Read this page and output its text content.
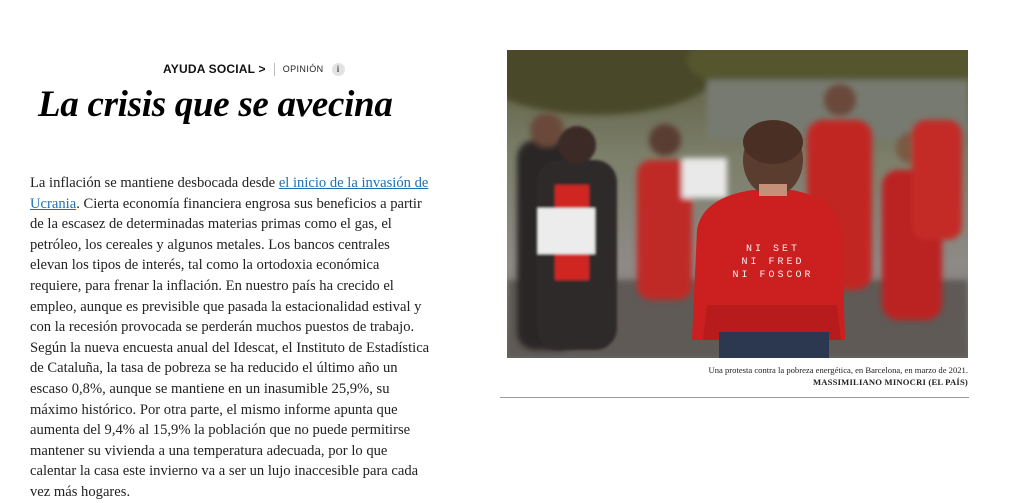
AYUDA SOCIAL > OPINIÓN	i
La crisis que se avecina

La inflación se mantiene desbocada desde el inicio de la invasión de Ucrania. Cierta economía financiera engrosa sus beneficios a partir de la escasez de determinadas materias primas como el gas, el petróleo, los cereales y algunos metales. Los bancos centrales elevan los tipos de interés, tal como la ortodoxia económica requiere, para frenar la inflación. En nuestro país ha crecido el empleo, aunque es previsible que pasada la estacionalidad estival y con la recesión provocada se perderán muchos puestos de trabajo. Según la nueva encuesta anual del Idescat, el Instituto de Estadística de Cataluña, la tasa de pobreza se ha reducido el último año un escaso 0,8%, aunque se mantiene en un inasumible 25,9%, su máximo histórico. Por otra parte, el mismo informe apunta que aumenta del 9,4% al 15,9% la población que no puede permitirse mantener su vivienda a una temperatura adecuada, por lo que calentar la casa este invierno va a ser un lujo inaccesible para cada vez más hogares.

NI SET
NI FRED
NI FOSCOR
Una protesta contra la pobreza energética, en Barcelona, en marzo de 2021.
MASSIMILIANO MINOCRI (EL PAÍS)
